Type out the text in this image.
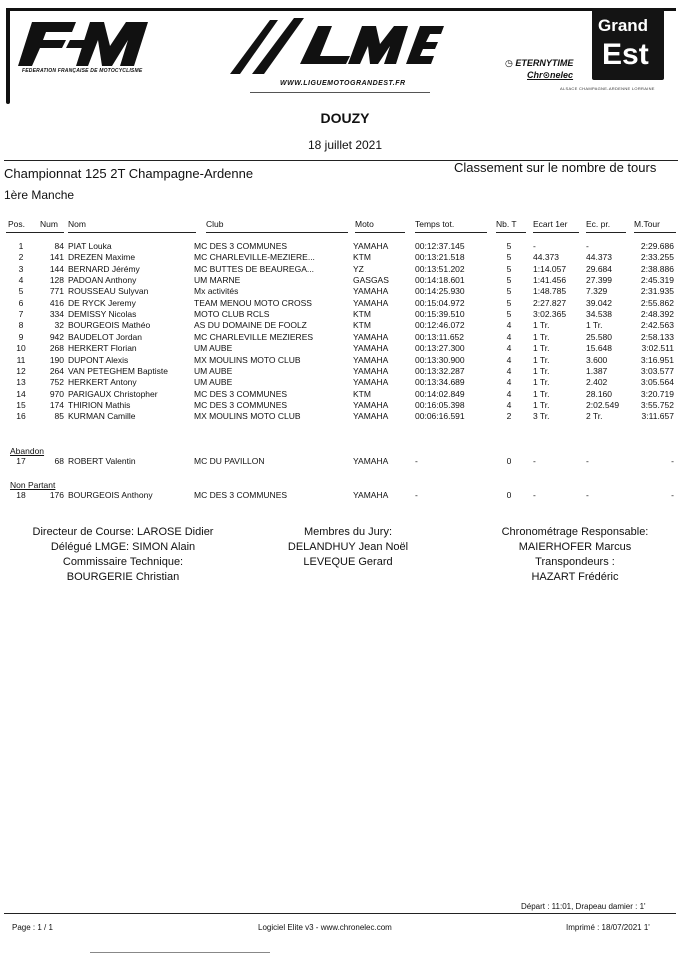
FEDERATION FRANÇAISE DE MOTOCYCLISME
WWW.LIGUEMOTOGRANDEST.FR
◷ ETERNYTIME
Chr⊙nelec
Grand
Est
ALSACE CHAMPAGNE-ARDENNE LORRAINE
DOUZY
18 juillet 2021
Championnat 125 2T Champagne-Ardenne	Classement sur le nombre de tours
1ère Manche
Pos. Num Nom	Club	Moto	Temps tot.	Nb. T Ecart 1er Ec. pr.	M.Tour
1	84 PIAT Louka	MC DES 3 COMMUNES	YAMAHA	00:12:37.145	5	-	-	2:29.686
2	141 DREZEN Maxime	MC CHARLEVILLE-MEZIERE...	KTM	00:13:21.518	5	44.373	44.373	2:33.255
3	144 BERNARD Jérémy	MC BUTTES DE BEAUREGA...	YZ	00:13:51.202	5	1:14.057 29.684	2:38.886
4	128 PADOAN Anthony	UM MARNE	GASGAS	00:14:18.601	5	1:41.456 27.399	2:45.319
5	771 ROUSSEAU Sulyvan	Mx activités	YAMAHA	00:14:25.930	5	1:48.785 7.329	2:31.935
6	416 DE RYCK Jeremy	TEAM MENOU MOTO CROSS	YAMAHA	00:15:04.972	5	2:27.827 39.042	2:55.862
7	334 DEMISSY Nicolas	MOTO CLUB RCLS	KTM	00:15:39.510	5	3:02.365 34.538	2:48.392
8	32 BOURGEOIS Mathéo	AS DU DOMAINE DE FOOLZ	KTM	00:12:46.072	4	1 Tr.	1 Tr.	2:42.563
9	942 BAUDELOT Jordan	MC CHARLEVILLE MEZIERES	YAMAHA	00:13:11.652	4	1 Tr.	25.580	2:58.133
10	268 HERKERT Florian	UM AUBE	YAMAHA	00:13:27.300	4	1 Tr.	15.648	3:02.511
11	190 DUPONT Alexis	MX MOULINS MOTO CLUB	YAMAHA	00:13:30.900	4	1 Tr.	3.600	3:16.951
12	264 VAN PETEGHEM Baptiste	UM AUBE	YAMAHA	00:13:32.287	4	1 Tr.	1.387	3:03.577
13	752 HERKERT Antony	UM AUBE	YAMAHA	00:13:34.689	4	1 Tr.	2.402	3:05.564
14	970 PARIGAUX Christopher	MC DES 3 COMMUNES	KTM	00:14:02.849	4	1 Tr.	28.160	3:20.719
15	174 THIRION Mathis	MC DES 3 COMMUNES	YAMAHA	00:16:05.398	4	1 Tr.	2:02.549	3:55.752
16	85 KURMAN Camille	MX MOULINS MOTO CLUB	YAMAHA	00:06:16.591	2	3 Tr.	2 Tr.	3:11.657
Abandon
17	68 ROBERT Valentin	MC DU PAVILLON	YAMAHA	-	0	-	-	-
Non Partant
18	176 BOURGEOIS Anthony	MC DES 3 COMMUNES	YAMAHA	-	0	-	-	-
Directeur de Course: LAROSE Didier
Délégué LMGE: SIMON Alain
Commissaire Technique:
BOURGERIE Christian
Membres du Jury:
DELANDHUY Jean Noël
LEVEQUE Gerard
Chronométrage Responsable:
MAIERHOFER Marcus
Transpondeurs :
HAZART Frédéric
Départ : 11:01, Drapeau damier : 1'
Page : 1 / 1	Logiciel Elite v3 - www.chronelec.com	Imprimé : 18/07/2021 1'
